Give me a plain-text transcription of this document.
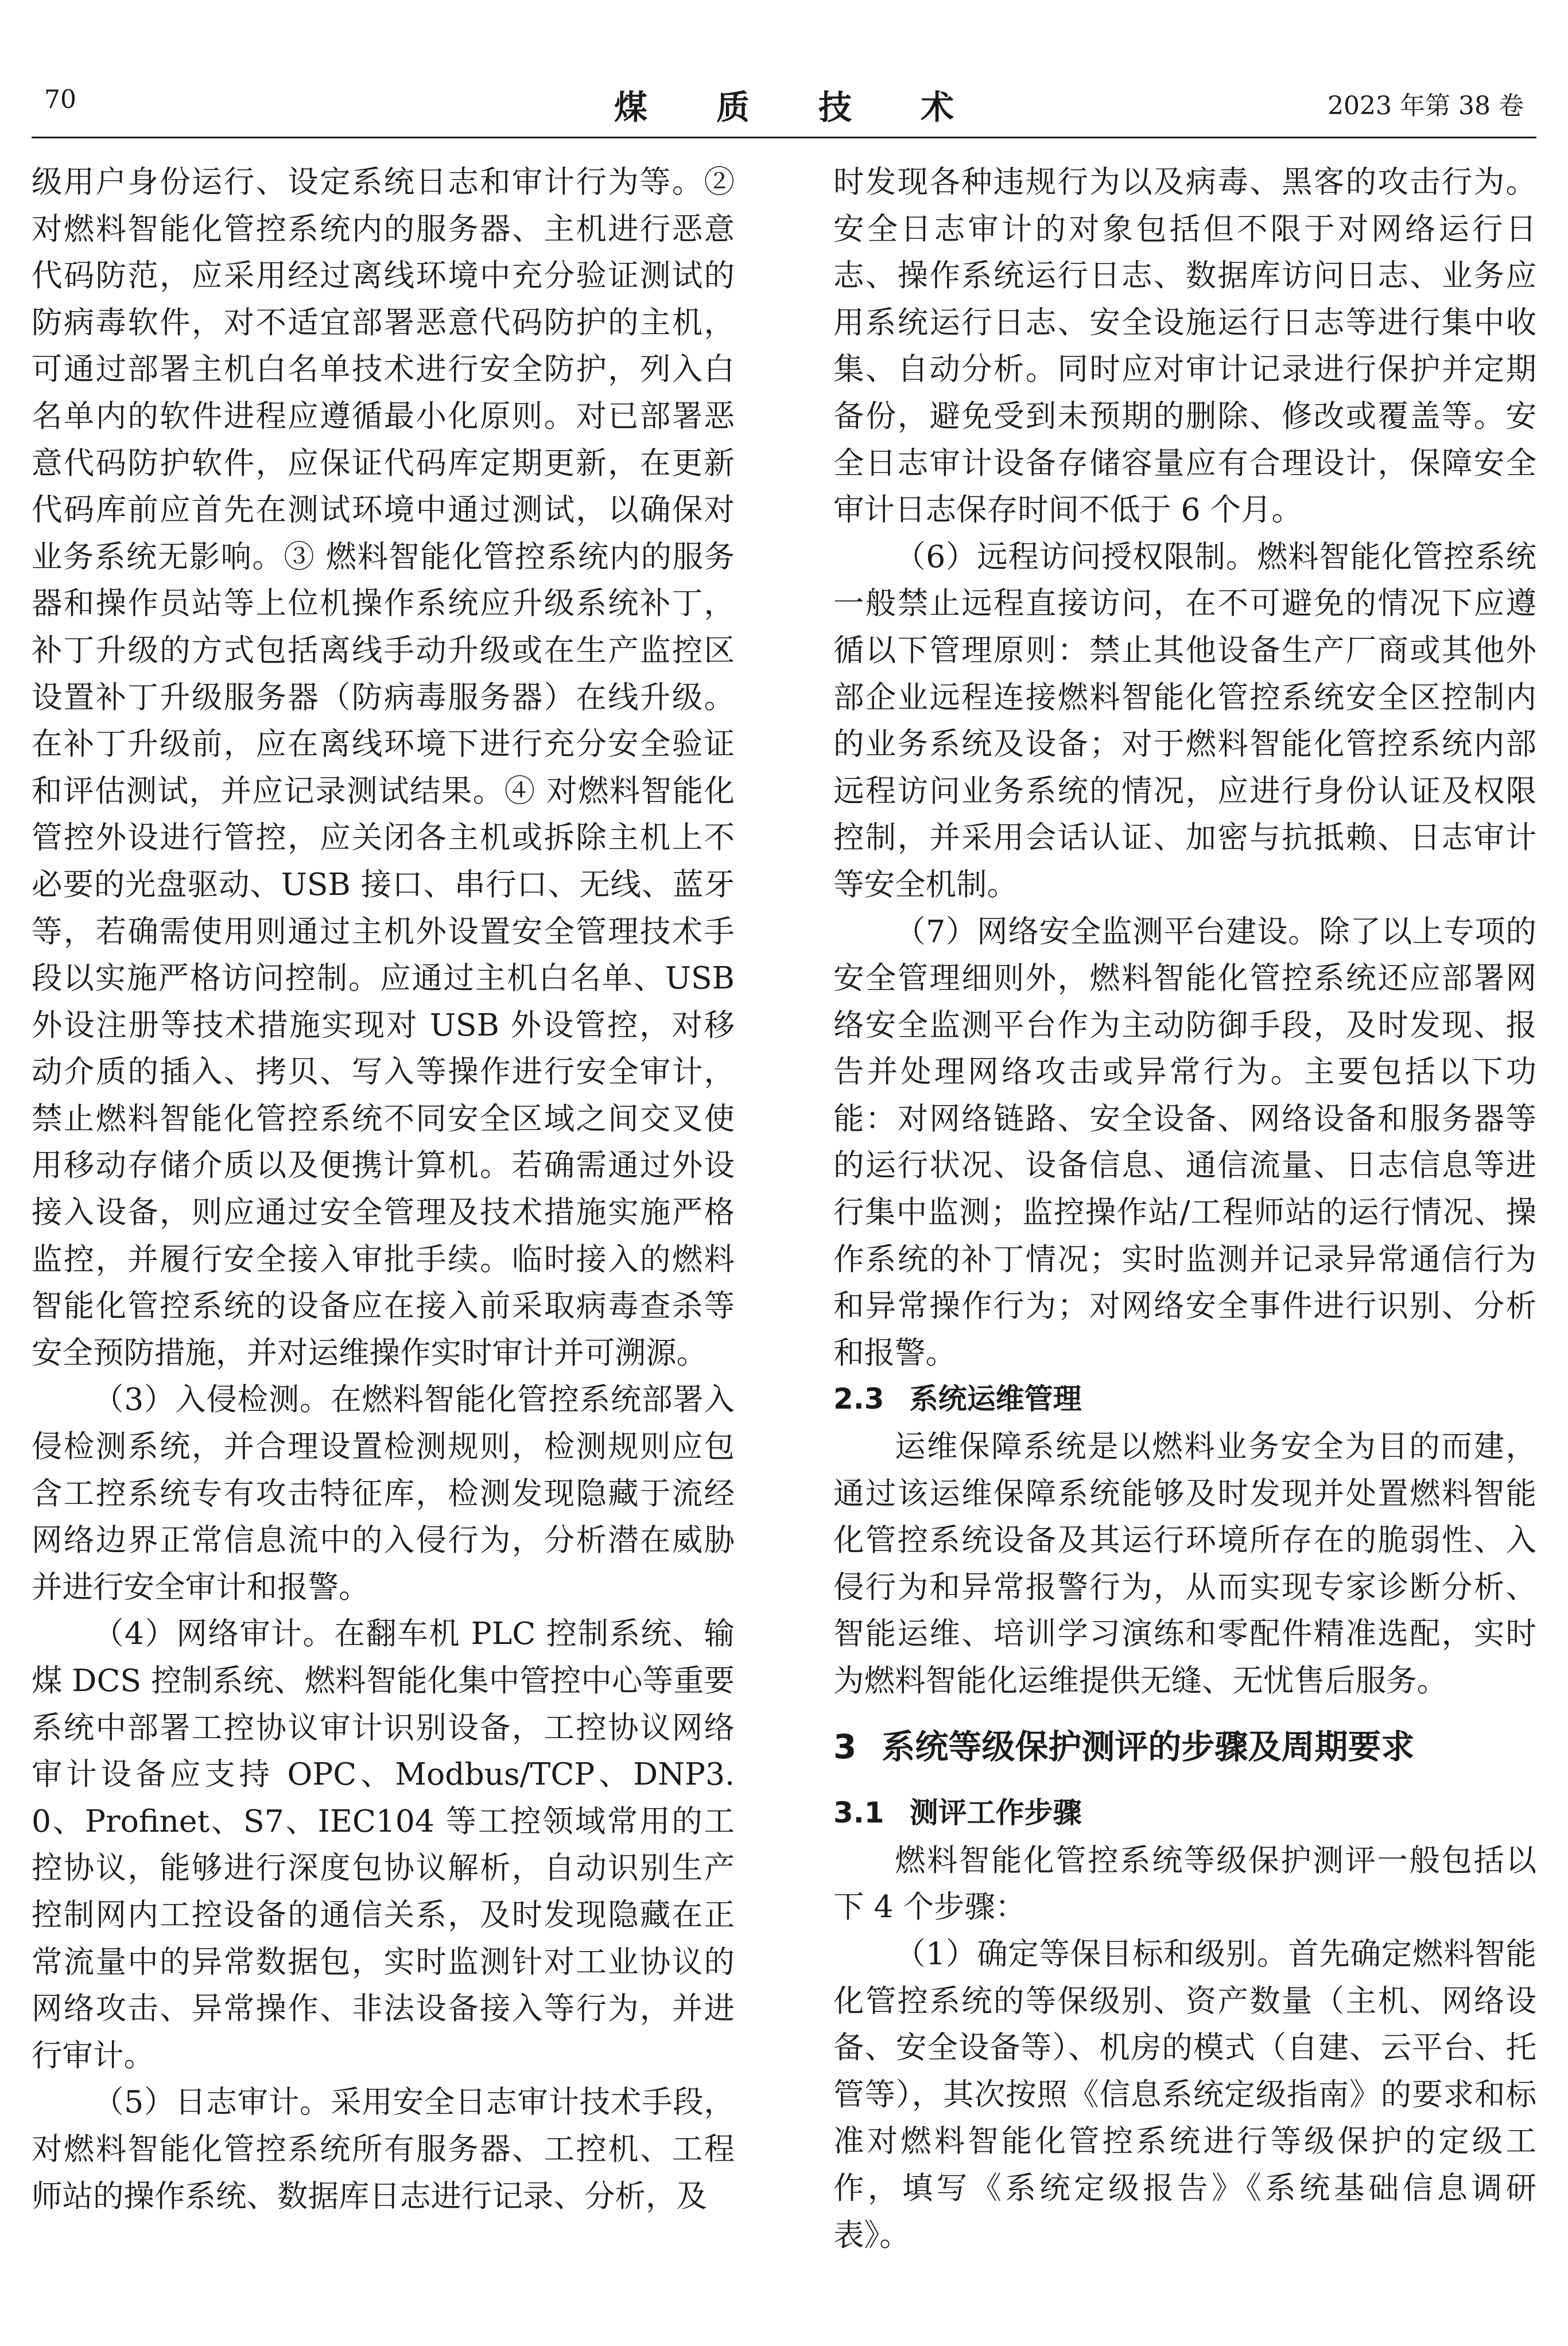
70	煤质技术	2023 年第 38 卷

级用户身份运行、设定系统日志和审计行为等。② 对燃料智能化管控系统内的服务器、主机进行恶意代码防范，应采用经过离线环境中充分验证测试的防病毒软件，对不适宜部署恶意代码防护的主机，可通过部署主机白名单技术进行安全防护，列入白名单内的软件进程应遵循最小化原则。对已部署恶意代码防护软件，应保证代码库定期更新，在更新代码库前应首先在测试环境中通过测试，以确保对业务系统无影响。③ 燃料智能化管控系统内的服务器和操作员站等上位机操作系统应升级系统补丁，补丁升级的方式包括离线手动升级或在生产监控区设置补丁升级服务器（防病毒服务器）在线升级。在补丁升级前，应在离线环境下进行充分安全验证和评估测试，并应记录测试结果。④ 对燃料智能化管控外设进行管控，应关闭各主机或拆除主机上不必要的光盘驱动、USB 接口、串行口、无线、蓝牙等，若确需使用则通过主机外设置安全管理技术手段以实施严格访问控制。应通过主机白名单、USB 外设注册等技术措施实现对 USB 外设管控，对移动介质的插入、拷贝、写入等操作进行安全审计，禁止燃料智能化管控系统不同安全区域之间交叉使用移动存储介质以及便携计算机。若确需通过外设接入设备，则应通过安全管理及技术措施实施严格监控，并履行安全接入审批手续。临时接入的燃料智能化管控系统的设备应在接入前采取病毒查杀等安全预防措施，并对运维操作实时审计并可溯源。

（3）入侵检测。在燃料智能化管控系统部署入侵检测系统，并合理设置检测规则，检测规则应包含工控系统专有攻击特征库，检测发现隐藏于流经网络边界正常信息流中的入侵行为，分析潜在威胁并进行安全审计和报警。

（4）网络审计。在翻车机 PLC 控制系统、输煤 DCS 控制系统、燃料智能化集中管控中心等重要系统中部署工控协议审计识别设备，工控协议网络审计设备应支持 OPC、Modbus/TCP、DNP3.0、Profinet、S7、IEC104 等工控领域常用的工控协议，能够进行深度包协议解析，自动识别生产控制网内工控设备的通信关系，及时发现隐藏在正常流量中的异常数据包，实时监测针对工业协议的网络攻击、异常操作、非法设备接入等行为，并进行审计。

（5）日志审计。采用安全日志审计技术手段，对燃料智能化管控系统所有服务器、工控机、工程师站的操作系统、数据库日志进行记录、分析，及

时发现各种违规行为以及病毒、黑客的攻击行为。安全日志审计的对象包括但不限于对网络运行日志、操作系统运行日志、数据库访问日志、业务应用系统运行日志、安全设施运行日志等进行集中收集、自动分析。同时应对审计记录进行保护并定期备份，避免受到未预期的删除、修改或覆盖等。安全日志审计设备存储容量应有合理设计，保障安全审计日志保存时间不低于 6 个月。

（6）远程访问授权限制。燃料智能化管控系统一般禁止远程直接访问，在不可避免的情况下应遵循以下管理原则：禁止其他设备生产厂商或其他外部企业远程连接燃料智能化管控系统安全区控制内的业务系统及设备；对于燃料智能化管控系统内部远程访问业务系统的情况，应进行身份认证及权限控制，并采用会话认证、加密与抗抵赖、日志审计等安全机制。

（7）网络安全监测平台建设。除了以上专项的安全管理细则外，燃料智能化管控系统还应部署网络安全监测平台作为主动防御手段，及时发现、报告并处理网络攻击或异常行为。主要包括以下功能：对网络链路、安全设备、网络设备和服务器等的运行状况、设备信息、通信流量、日志信息等进行集中监测；监控操作站/工程师站的运行情况、操作系统的补丁情况；实时监测并记录异常通信行为和异常操作行为；对网络安全事件进行识别、分析和报警。

2.3 系统运维管理

运维保障系统是以燃料业务安全为目的而建，通过该运维保障系统能够及时发现并处置燃料智能化管控系统设备及其运行环境所存在的脆弱性、入侵行为和异常报警行为，从而实现专家诊断分析、智能运维、培训学习演练和零配件精准选配，实时为燃料智能化运维提供无缝、无忧售后服务。

3 系统等级保护测评的步骤及周期要求
3.1 测评工作步骤

燃料智能化管控系统等级保护测评一般包括以下 4 个步骤：

（1）确定等保目标和级别。首先确定燃料智能化管控系统的等保级别、资产数量（主机、网络设备、安全设备等）、机房的模式（自建、云平台、托管等），其次按照《信息系统定级指南》的要求和标准对燃料智能化管控系统进行等级保护的定级工作，填写《系统定级报告》《系统基础信息调研表》。
